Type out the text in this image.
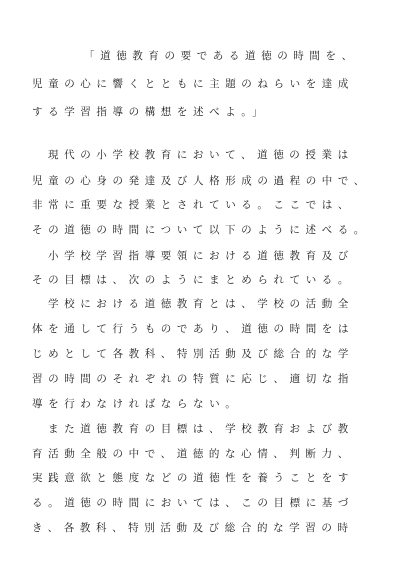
「道徳教育の要である道徳の時間を、
児童の心に響くとともに主題のねらいを達成
する学習指導の構想を述べよ。」
現代の小学校教育において、道徳の授業は
児童の心身の発達及び人格形成の過程の中で、
非常に重要な授業とされている。ここでは、
その道徳の時間について以下のように述べる。
小学校学習指導要領における道徳教育及び
その目標は、次のようにまとめられている。
学校における道徳教育とは、学校の活動全
体を通して行うものであり、道徳の時間をは
じめとして各教科、特別活動及び総合的な学
習の時間のそれぞれの特質に応じ、適切な指
導を行わなければならない。
また道徳教育の目標は、学校教育および教
育活動全般の中で、道徳的な心情、判断力、
実践意欲と態度などの道徳性を養うことをす
る。道徳の時間においては、この目標に基づ
き、各教科、特別活動及び総合的な学習の時
